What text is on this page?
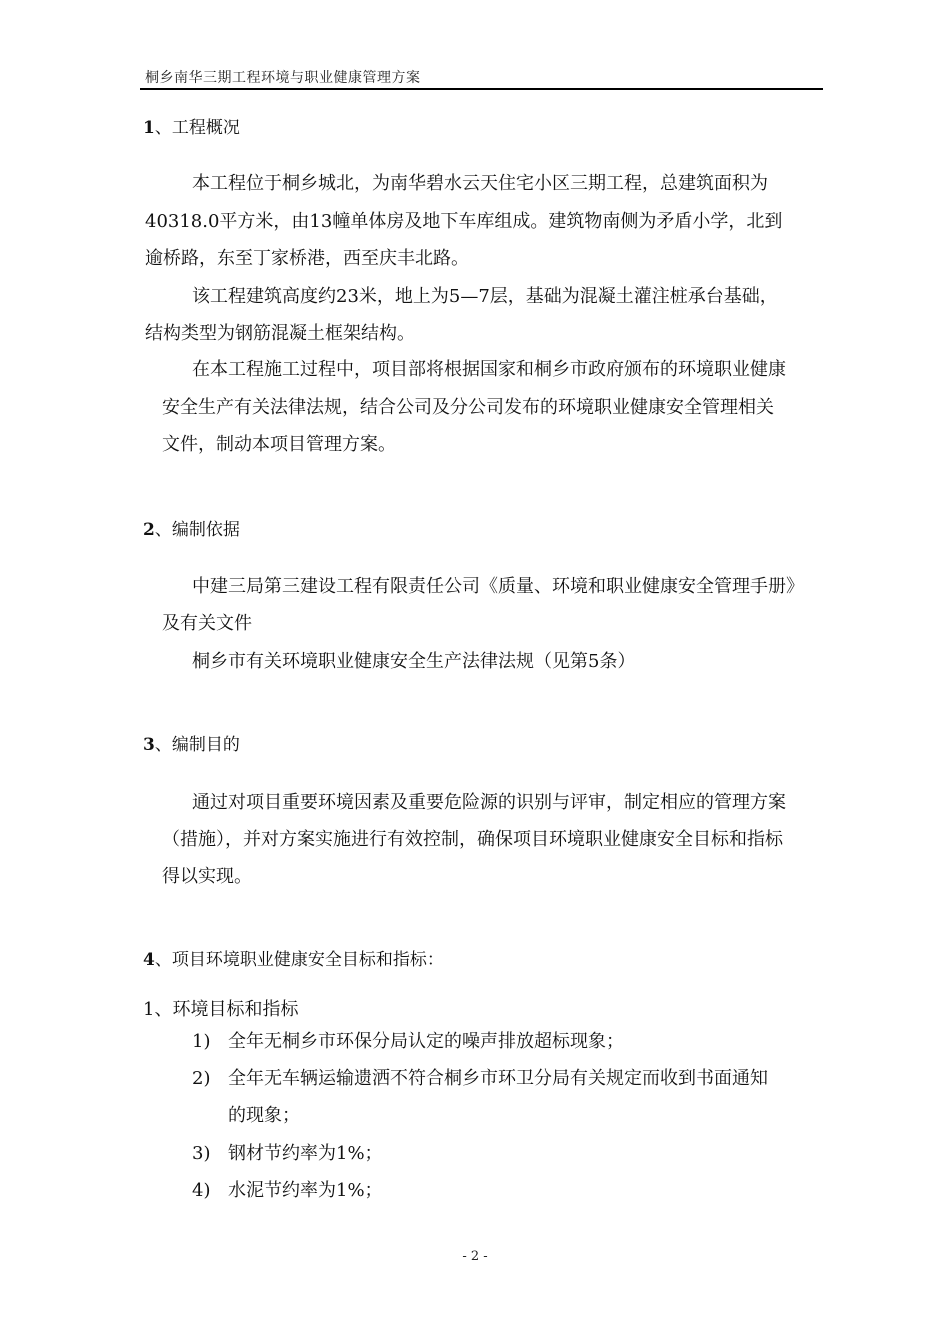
桐乡南华三期工程环境与职业健康管理方案
1、工程概况
本工程位于桐乡城北，为南华碧水云天住宅小区三期工程，总建筑面积为
40318.0平方米，由13幢单体房及地下车库组成。建筑物南侧为矛盾小学，北到
逾桥路，东至丁家桥港，西至庆丰北路。
该工程建筑高度约23米，地上为5—7层，基础为混凝土灌注桩承台基础，
结构类型为钢筋混凝土框架结构。
在本工程施工过程中，项目部将根据国家和桐乡市政府颁布的环境职业健康
安全生产有关法律法规，结合公司及分公司发布的环境职业健康安全管理相关
文件，制动本项目管理方案。
2、编制依据
中建三局第三建设工程有限责任公司《质量、环境和职业健康安全管理手册》
及有关文件
桐乡市有关环境职业健康安全生产法律法规（见第5条）
3、编制目的
通过对项目重要环境因素及重要危险源的识别与评审，制定相应的管理方案
（措施），并对方案实施进行有效控制，确保项目环境职业健康安全目标和指标
得以实现。
4、项目环境职业健康安全目标和指标：
1、环境目标和指标
1) 全年无桐乡市环保分局认定的噪声排放超标现象；
2) 全年无车辆运输遗洒不符合桐乡市环卫分局有关规定而收到书面通知
的现象；
3) 钢材节约率为1%；
4) 水泥节约率为1%；
- 2 -
